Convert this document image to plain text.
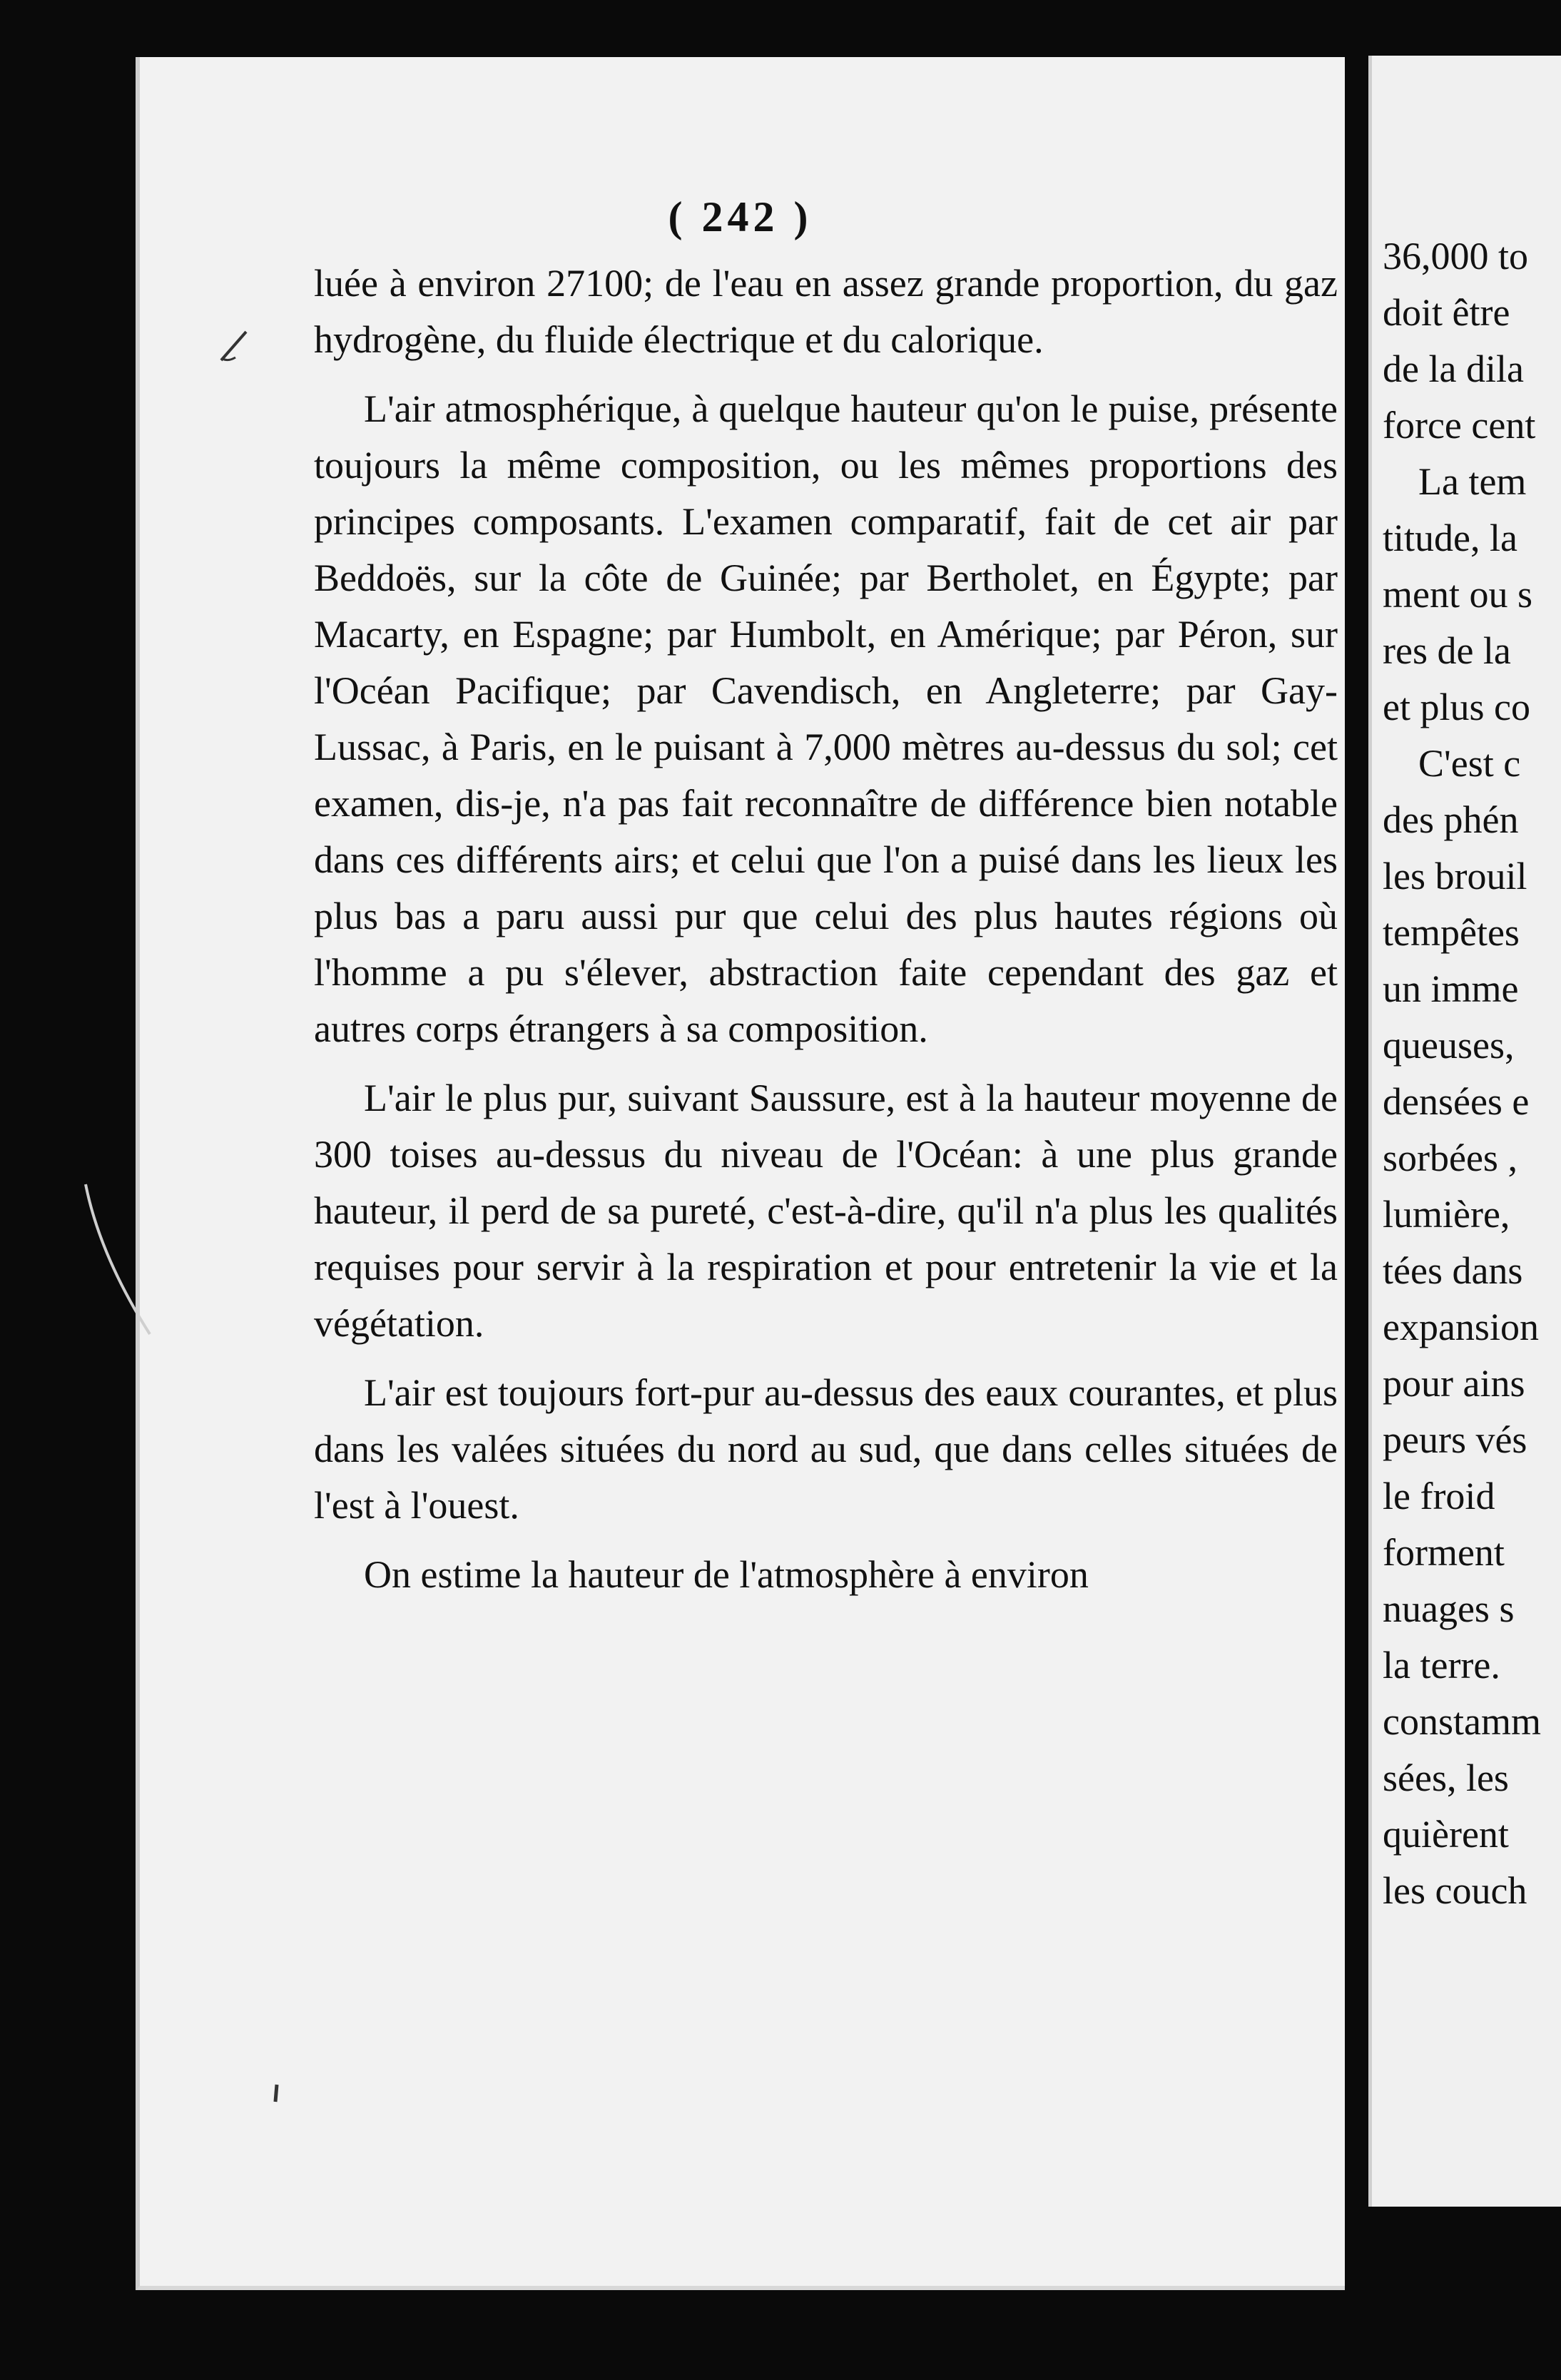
( 242 )

luée à environ 27100; de l'eau en assez grande proportion, du gaz hydrogène, du fluide électrique et du calorique.

L'air atmosphérique, à quelque hauteur qu'on le puise, présente toujours la même composition, ou les mêmes proportions des principes composants. L'examen comparatif, fait de cet air par Beddoës, sur la côte de Guinée; par Bertholet, en Égypte; par Macarty, en Espagne; par Humbolt, en Amérique; par Péron, sur l'Océan Pacifique; par Cavendisch, en Angleterre; par Gay-Lussac, à Paris, en le puisant à 7,000 mètres au-dessus du sol; cet examen, dis-je, n'a pas fait reconnaître de différence bien notable dans ces différents airs; et celui que l'on a puisé dans les lieux les plus bas a paru aussi pur que celui des plus hautes régions où l'homme a pu s'élever, abstraction faite cependant des gaz et autres corps étrangers à sa composition.

L'air le plus pur, suivant Saussure, est à la hauteur moyenne de 300 toises au-dessus du niveau de l'Océan: à une plus grande hauteur, il perd de sa pureté, c'est-à-dire, qu'il n'a plus les qualités requises pour servir à la respiration et pour entretenir la vie et la végétation.

L'air est toujours fort-pur au-dessus des eaux courantes, et plus dans les valées situées du nord au sud, que dans celles situées de l'est à l'ouest.

On estime la hauteur de l'atmosphère à environ

36,000 to
doit être
de la dila
force cent
La tem
titude, la
ment ou s
res de la
et plus co
C'est c
des phén
les brouil
tempêtes
un imme
queuses,
densées e
sorbées ,
lumière,
tées dans
expansion
pour ains
peurs vés
le froid
forment
nuages s
la terre.
constamm
sées, les
quièrent
les couch
